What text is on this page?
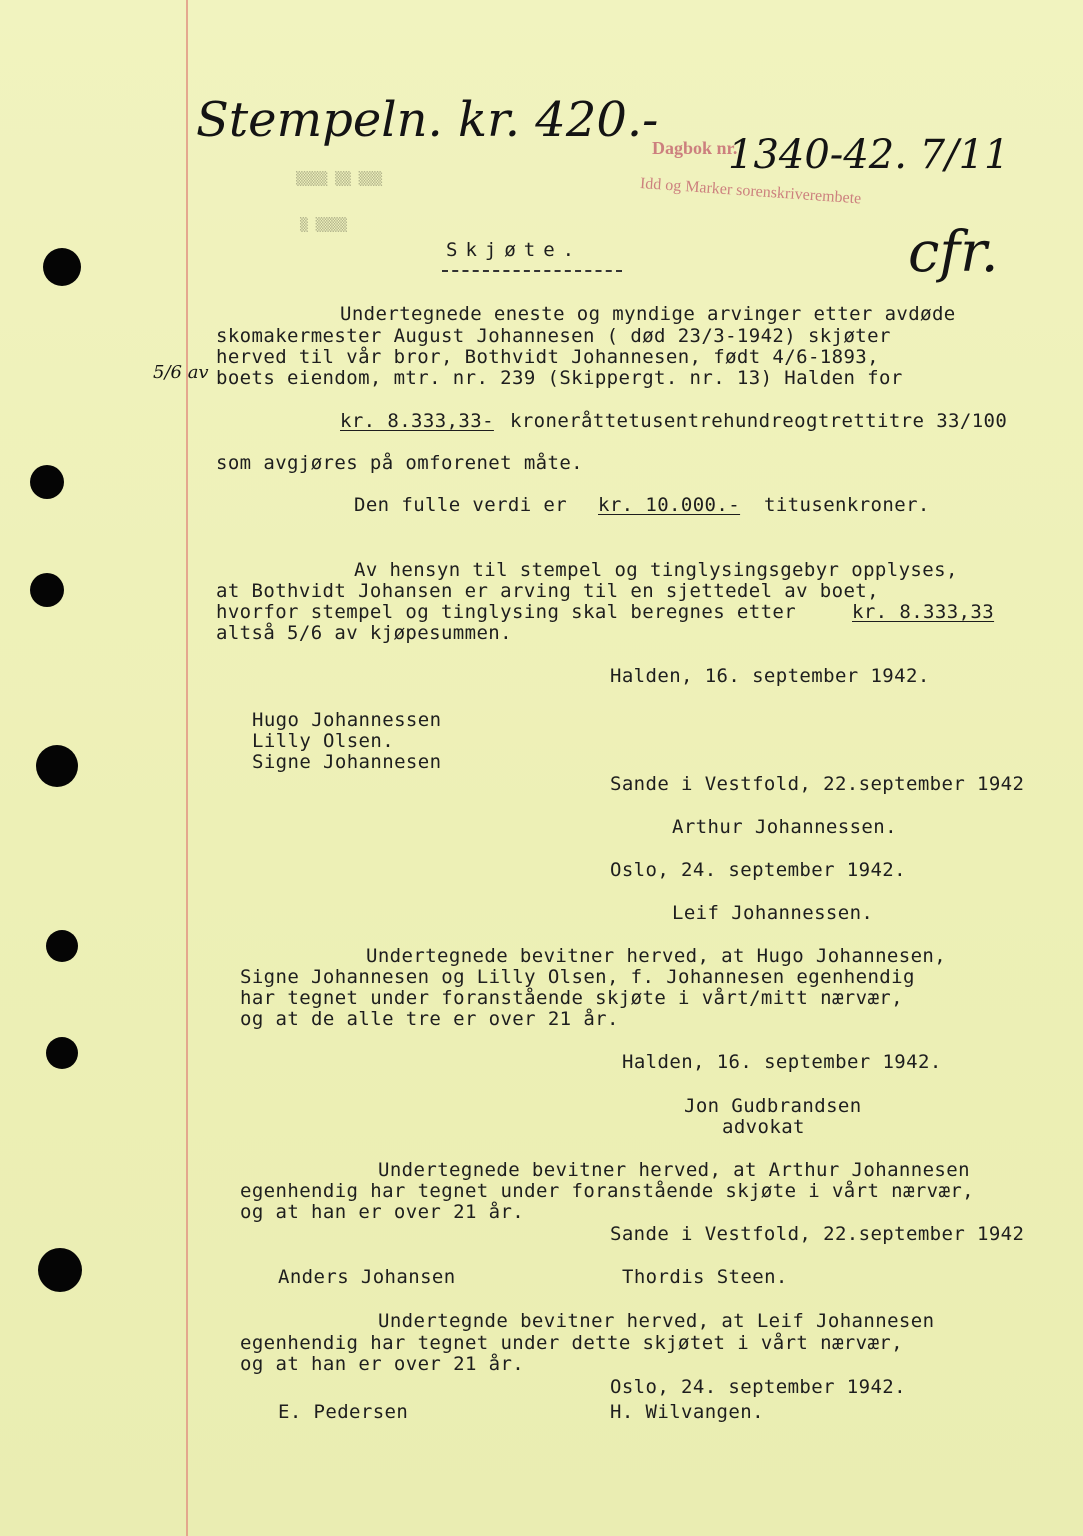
Stempeln. kr. 420.-
1340-42. 7/11
cfr.
5/6 av
Dagbok nr.
Idd og Marker sorenskriverembete
▒▒▒▒ ▒▒ ▒▒▒
▒ ▒▒▒▒
Skjøte.
Undertegnede eneste og myndige arvinger etter avdøde
skomakermester August Johannesen ( død 23/3-1942) skjøter
herved til vår bror, Bothvidt Johannesen, født 4/6-1893,
boets eiendom, mtr. nr. 239 (Skippergt. nr. 13) Halden for
kr. 8.333,33- kroneråttetusentrehundreogtrettitre 33/100
som avgjøres på omforenet måte.
Den fulle verdi er kr. 10.000.- titusenkroner.
Av hensyn til stempel og tinglysingsgebyr opplyses,
at Bothvidt Johansen er arving til en sjettedel av boet,
hvorfor stempel og tinglysing skal beregnes etter	kr. 8.333,33
altså 5/6 av kjøpesummen.
Halden, 16. september 1942.
Hugo Johannessen
Lilly Olsen.
Signe Johannesen
Sande i Vestfold, 22.september 1942
Arthur Johannessen.
Oslo, 24. september 1942.
Leif Johannessen.
Undertegnede bevitner herved, at Hugo Johannesen,
Signe Johannesen og Lilly Olsen, f. Johannesen egenhendig
har tegnet under foranstående skjøte i vårt/mitt nærvær,
og at de alle tre er over 21 år.
Halden, 16. september 1942.
Jon Gudbrandsen
advokat
Undertegnede bevitner herved, at Arthur Johannesen
egenhendig har tegnet under foranstående skjøte i vårt nærvær,
og at han er over 21 år.
Sande i Vestfold, 22.september 1942
Anders Johansen	Thordis Steen.
Undertegnde bevitner herved, at Leif Johannesen
egenhendig har tegnet under dette skjøtet i vårt nærvær,
og at han er over 21 år.
Oslo, 24. september 1942.
E. Pedersen	H. Wilvangen.
